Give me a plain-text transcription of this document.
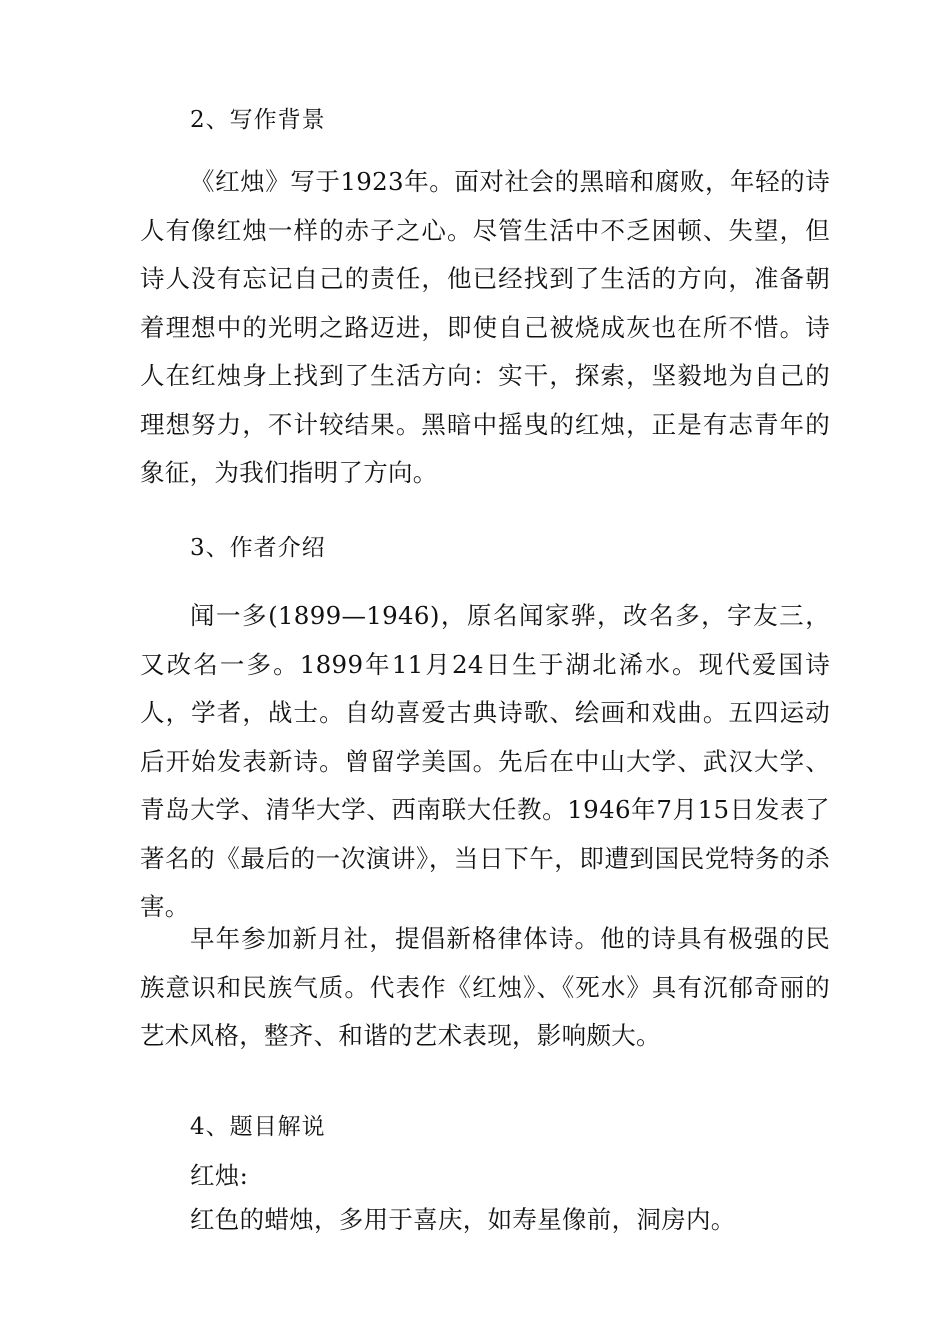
2、写作背景

《红烛》写于1923年。面对社会的黑暗和腐败，年轻的诗人有像红烛一样的赤子之心。尽管生活中不乏困顿、失望，但诗人没有忘记自己的责任，他已经找到了生活的方向，准备朝着理想中的光明之路迈进，即使自己被烧成灰也在所不惜。诗人在红烛身上找到了生活方向：实干，探索，坚毅地为自己的理想努力，不计较结果。黑暗中摇曳的红烛，正是有志青年的象征，为我们指明了方向。

3、作者介绍

闻一多(1899—1946)，原名闻家骅，改名多，字友三，又改名一多。1899年11月24日生于湖北浠水。现代爱国诗人，学者，战士。自幼喜爱古典诗歌、绘画和戏曲。五四运动后开始发表新诗。曾留学美国。先后在中山大学、武汉大学、青岛大学、清华大学、西南联大任教。1946年7月15日发表了著名的《最后的一次演讲》，当日下午，即遭到国民党特务的杀害。

早年参加新月社，提倡新格律体诗。他的诗具有极强的民族意识和民族气质。代表作《红烛》、《死水》具有沉郁奇丽的艺术风格，整齐、和谐的艺术表现，影响颇大。

4、题目解说
红烛:
红色的蜡烛，多用于喜庆，如寿星像前，洞房内。
